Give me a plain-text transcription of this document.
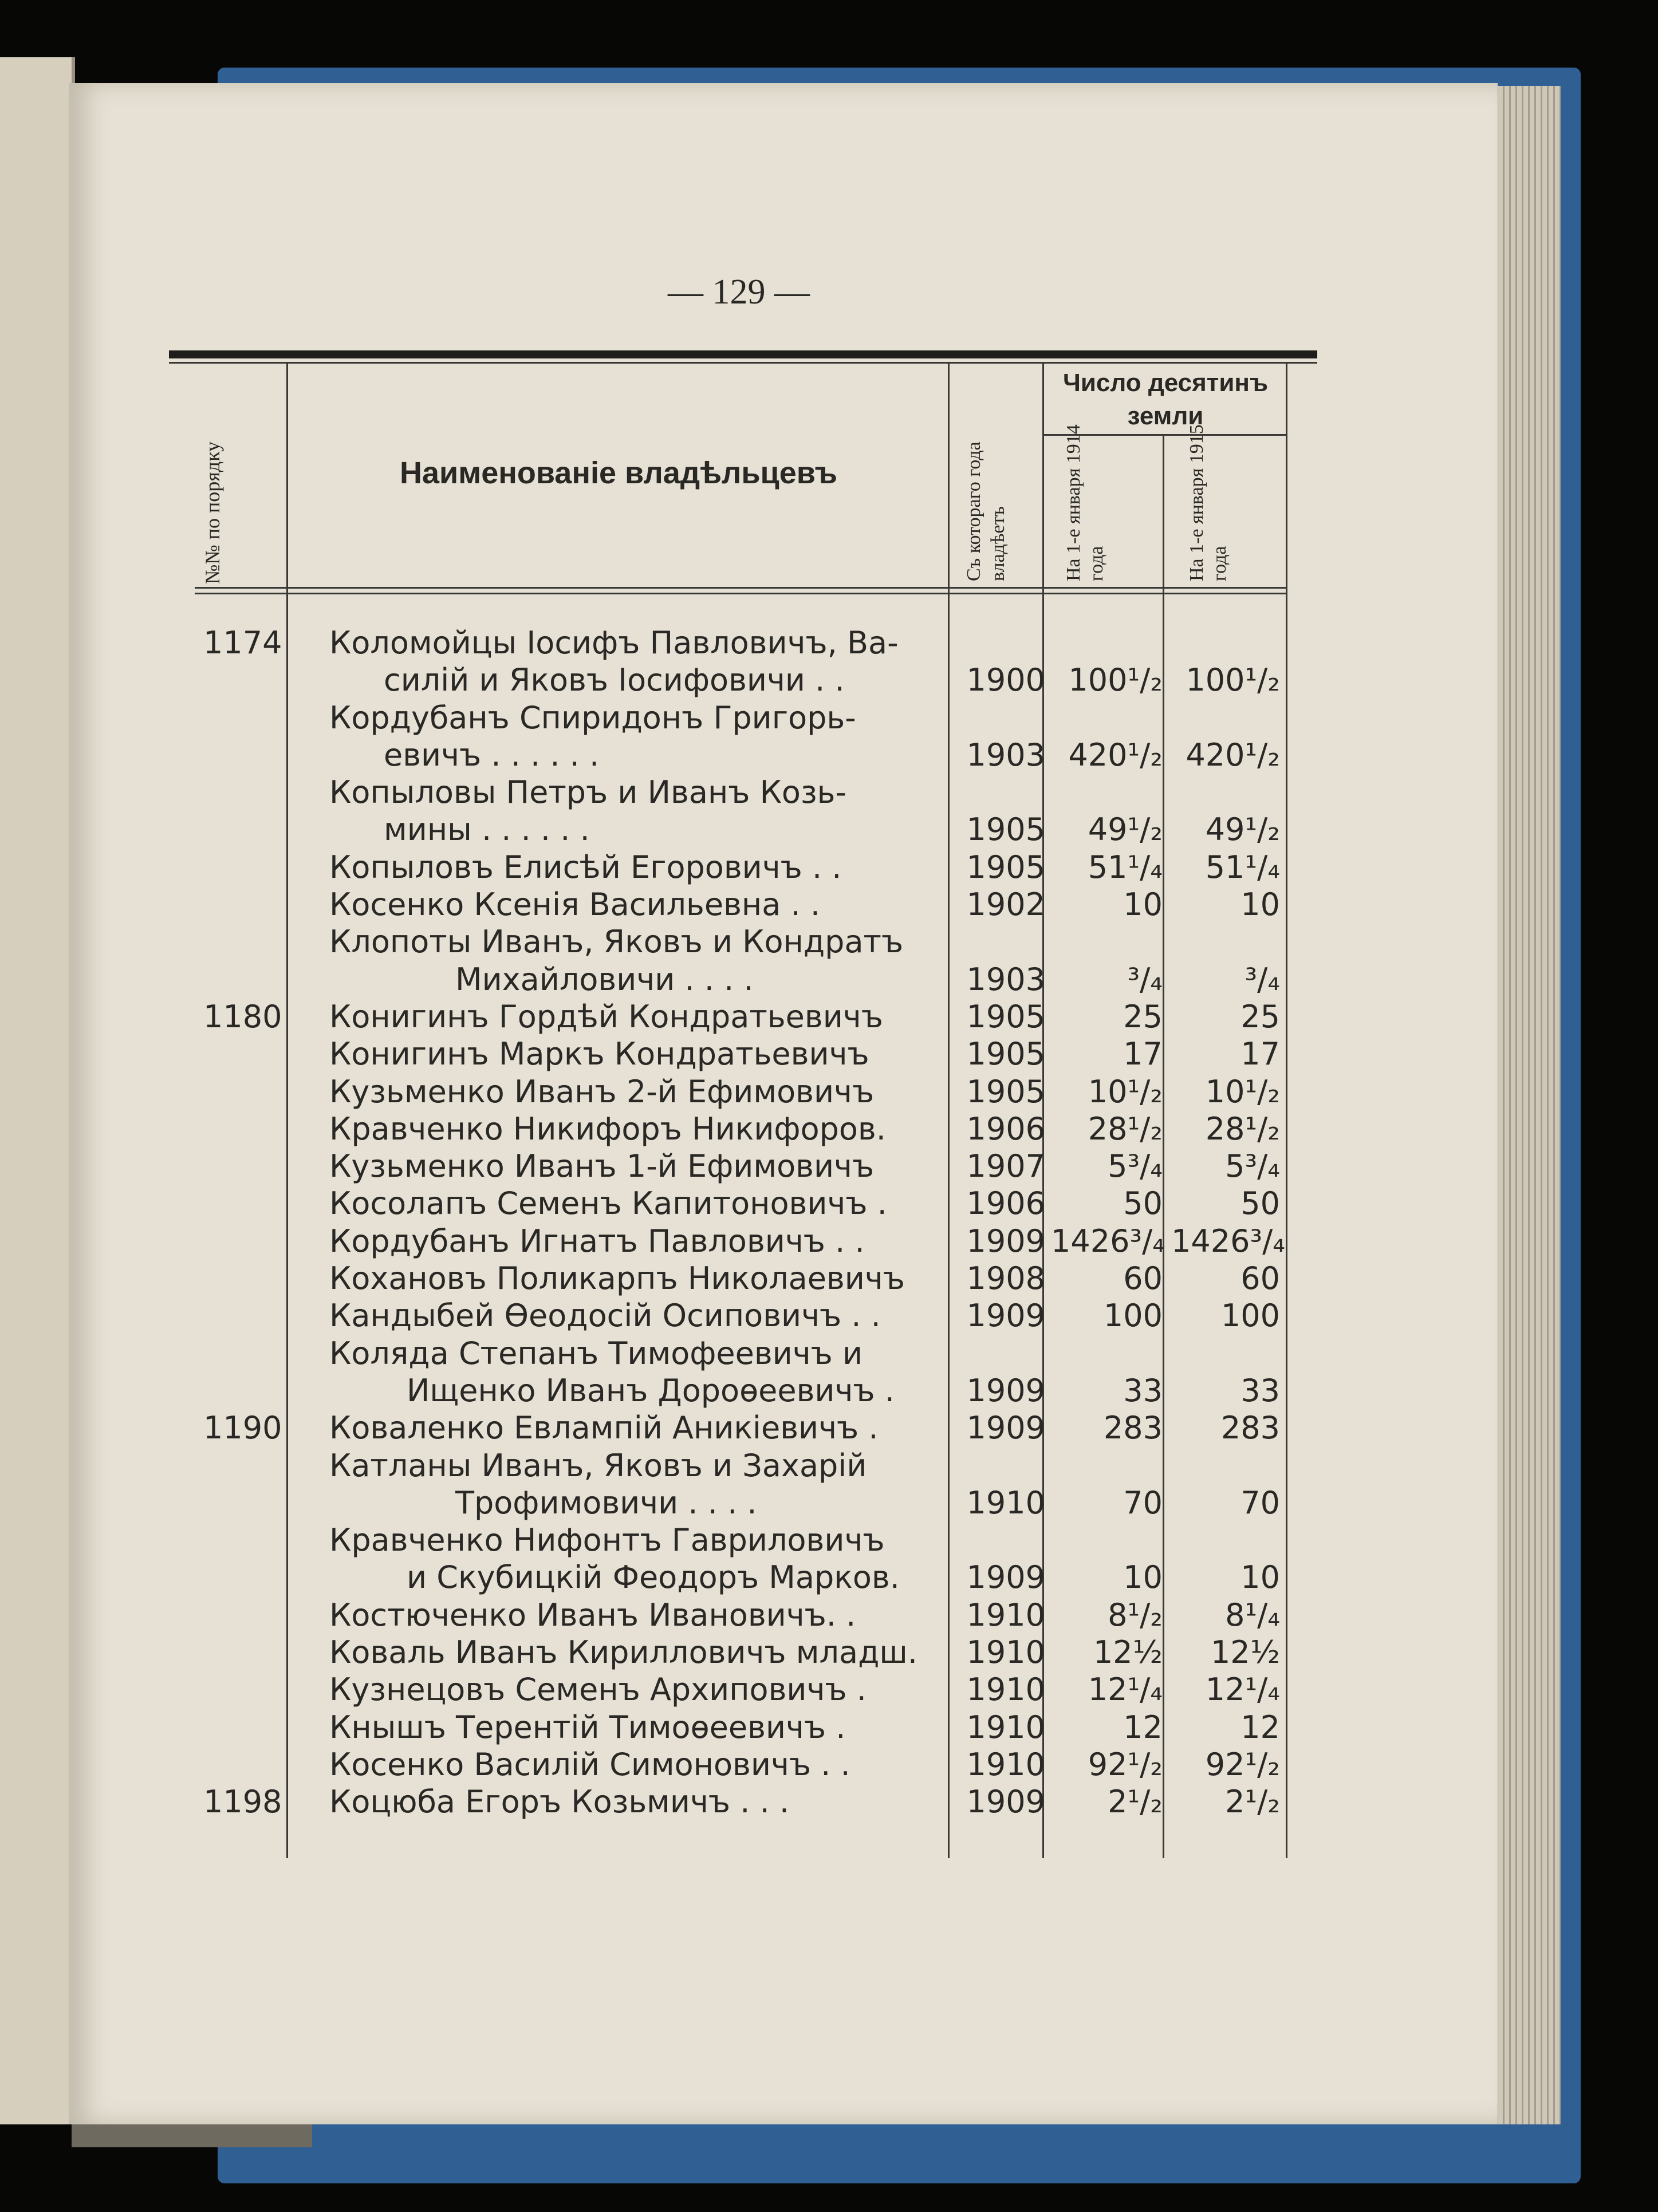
— 129 —
№№ по порядку	Наименованіе владѣльцевъ	Съ котораго года владѣетъ
Число десятинъ земли
На 1-е января 1914 года	На 1-е января 1915 года
1174 Коломойцы Іосифъ Павловичъ, Ва-
силій и Яковъ Іосифовичи . .	1900 100¹/₂ 100¹/₂
Кордубанъ Спиридонъ Григорь-
евичъ . . . . . .	1903 420¹/₂ 420¹/₂
Копыловы Петръ и Иванъ Козь-
мины . . . . . .	1905	49¹/₂	49¹/₂
Копыловъ Елисѣй Егоровичъ . .	1905	51¹/₄	51¹/₄
Косенко Ксенія Васильевна . .	1902	10	10
Клопоты Иванъ, Яковъ и Кондратъ
Михайловичи . . . .	1903	³/₄	³/₄
1180 Конигинъ Гордѣй Кондратьевичъ	1905	25	25
Конигинъ Маркъ Кондратьевичъ	1905	17	17
Кузьменко Иванъ 2-й Ефимовичъ	1905	10¹/₂	10¹/₂
Кравченко Никифоръ Никифоров.	1906	28¹/₂	28¹/₂
Кузьменко Иванъ 1-й Ефимовичъ	1907	5³/₄	5³/₄
Косолапъ Семенъ Капитоновичъ .	1906	50	50
Кордубанъ Игнатъ Павловичъ . .	1909 1426³/₄ 1426³/₄
Кохановъ Поликарпъ Николаевичъ	1908	60	60
Кандыбей Ѳеодосій Осиповичъ . .	1909	100	100
Коляда Степанъ Тимофеевичъ и
Ищенко Иванъ Дороѳеевичъ .	1909	33	33
1190 Коваленко Евлампій Аникіевичъ .	1909	283	283
Катланы Иванъ, Яковъ и Захарій
Трофимовичи . . . .	1910	70	70
Кравченко Нифонтъ Гавриловичъ
и Скубицкій Феодоръ Марков.	1909	10	10
Костюченко Иванъ Ивановичъ. .	1910	8¹/₂	8¹/₄
Коваль Иванъ Кирилловичъ младш.	1910	12½	12½
Кузнецовъ Семенъ Архиповичъ .	1910	12¹/₄	12¹/₄
Кнышъ Терентій Тимоѳеевичъ .	1910	12	12
Косенко Василій Симоновичъ . .	1910	92¹/₂	92¹/₂
1198 Коцюба Егоръ Козьмичъ . . .	1909	2¹/₂	2¹/₂
